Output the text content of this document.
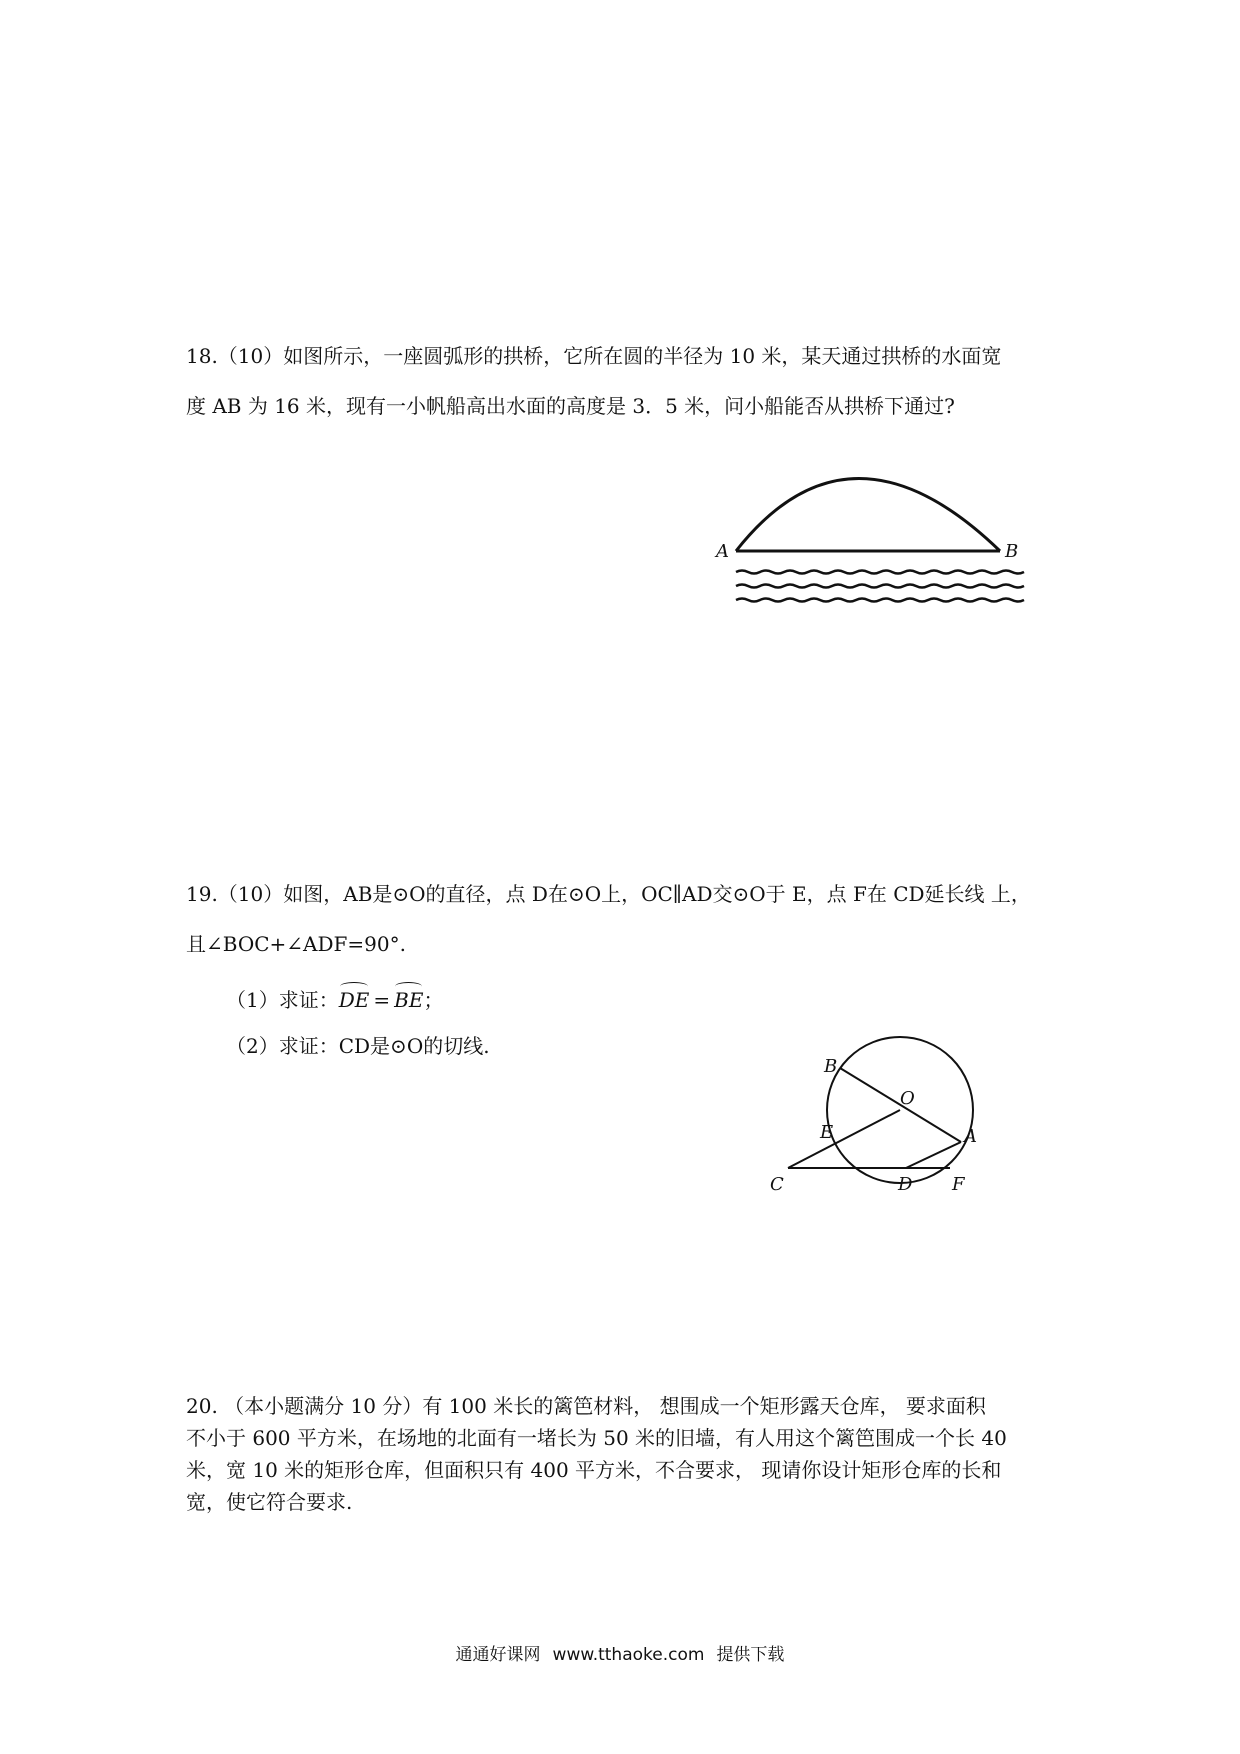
18.（10）如图所示，一座圆弧形的拱桥，它所在圆的半径为 10 米，某天通过拱桥的水面宽
度 AB 为 16 米，现有一小帆船高出水面的高度是 3．5 米，问小船能否从拱桥下通过?
A	B
19.（10）如图，AB是⊙O的直径，点 D在⊙O上，OC∥AD交⊙O于 E，点 F在 CD延长线 上，
且∠BOC+∠ADF=90°.
（1）求证：
DE = BE；
（2）求证：CD是⊙O的切线.
B
O
E	A
C	D F
20. （本小题满分 10 分）有 100 米长的篱笆材料， 想围成一个矩形露天仓库， 要求面积
不小于 600 平方米，在场地的北面有一堵长为 50 米的旧墙，有人用这个篱笆围成一个长 40
米，宽 10 米的矩形仓库，但面积只有 400 平方米，不合要求， 现请你设计矩形仓库的长和
宽，使它符合要求.
通通好课网 www.tthaoke.com 提供下载
